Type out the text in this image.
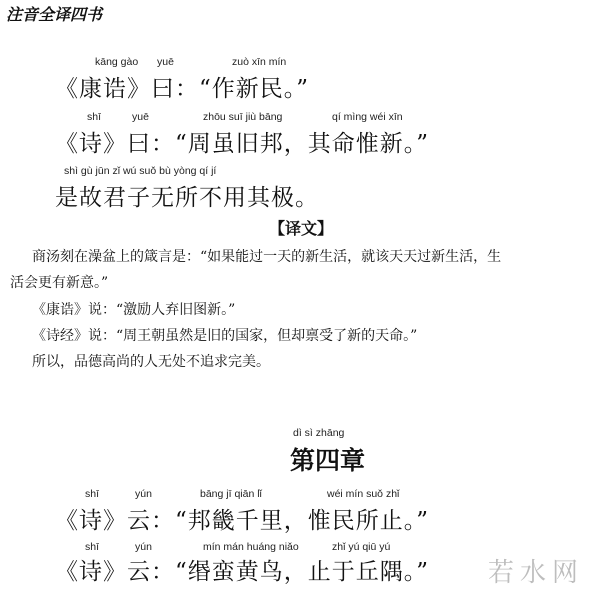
注音全译四书
kāng gào yuē	zuò xīn mín
《康诰》曰：“作新民。”
shī	yuē	zhōu suī jiù bāng	qí mìng wéi xīn
《诗》曰：“周虽旧邦，其命惟新。”
shì gù jūn zǐ wú suǒ bù yòng qí jí
是故君子无所不用其极。
【译文】
商汤刻在澡盆上的箴言是：“如果能过一天的新生活，就该天天过新生活，生
活会更有新意。”
《康诰》说：“激励人弃旧图新。”
《诗经》说：“周王朝虽然是旧的国家，但却禀受了新的天命。”
所以，品德高尚的人无处不追求完美。
dì sì zhāng
第四章
shī	yún	bāng jī qiān lǐ	wéi mín suǒ zhǐ
《诗》云：“邦畿千里，惟民所止。”
shī	yún	mín mán huáng niǎo	zhǐ yú qiū yú
《诗》云：“缗蛮黄鸟，止于丘隅。” 若水网
